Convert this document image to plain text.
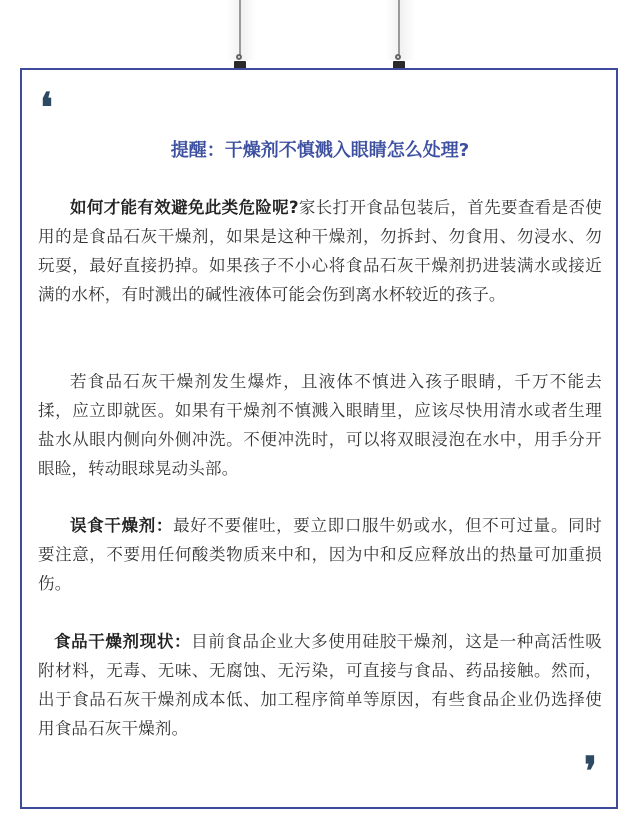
❛
提醒：干燥剂不慎溅入眼睛怎么处理?
如何才能有效避免此类危险呢?家长打开食品包装后，首先要查看是否使用的是食品石灰干燥剂，如果是这种干燥剂，勿拆封、勿食用、勿浸水、勿玩耍，最好直接扔掉。如果孩子不小心将食品石灰干燥剂扔进装满水或接近满的水杯，有时溅出的碱性液体可能会伤到离水杯较近的孩子。
若食品石灰干燥剂发生爆炸，且液体不慎进入孩子眼睛，千万不能去揉，应立即就医。如果有干燥剂不慎溅入眼睛里，应该尽快用清水或者生理盐水从眼内侧向外侧冲洗。不便冲洗时，可以将双眼浸泡在水中，用手分开眼睑，转动眼球晃动头部。
误食干燥剂：最好不要催吐，要立即口服牛奶或水，但不可过量。同时要注意，不要用任何酸类物质来中和，因为中和反应释放出的热量可加重损伤。
食品干燥剂现状：目前食品企业大多使用硅胶干燥剂，这是一种高活性吸附材料，无毒、无味、无腐蚀、无污染，可直接与食品、药品接触。然而，出于食品石灰干燥剂成本低、加工程序简单等原因，有些食品企业仍选择使用食品石灰干燥剂。
❜
